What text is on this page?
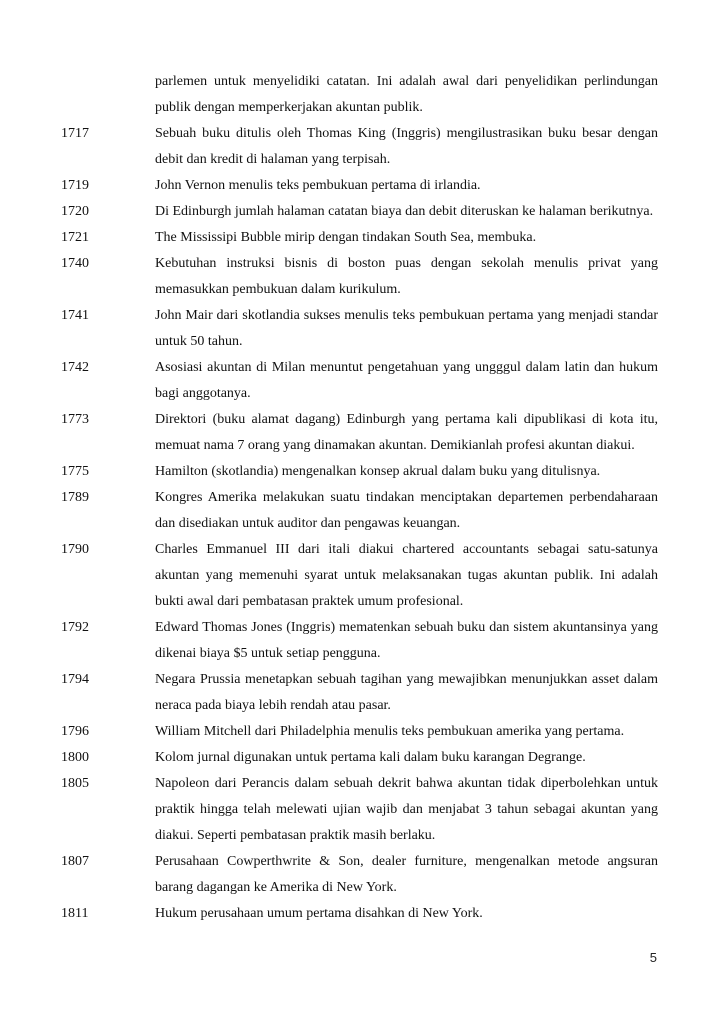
parlemen untuk menyelidiki catatan. Ini adalah awal dari penyelidikan perlindungan publik dengan memperkerjakan akuntan publik.
1717	Sebuah buku ditulis oleh Thomas King (Inggris) mengilustrasikan buku besar dengan debit dan kredit di halaman yang terpisah.
1719	John Vernon menulis teks pembukuan pertama di irlandia.
1720	Di Edinburgh jumlah halaman catatan biaya dan debit diteruskan ke halaman berikutnya.
1721	The Mississipi Bubble mirip dengan tindakan South Sea, membuka.
1740	Kebutuhan instruksi bisnis di boston puas dengan sekolah menulis privat yang memasukkan pembukuan dalam kurikulum.
1741	John Mair dari skotlandia sukses menulis teks pembukuan pertama yang menjadi standar untuk 50 tahun.
1742	Asosiasi akuntan di Milan menuntut pengetahuan yang ungggul dalam latin dan hukum bagi anggotanya.
1773	Direktori (buku alamat dagang) Edinburgh yang pertama kali dipublikasi di kota itu, memuat nama 7 orang yang dinamakan akuntan. Demikianlah profesi akuntan diakui.
1775	Hamilton (skotlandia) mengenalkan konsep akrual dalam buku yang ditulisnya.
1789	Kongres Amerika melakukan suatu tindakan menciptakan departemen perbendaharaan dan disediakan untuk auditor dan pengawas keuangan.
1790	Charles Emmanuel III dari itali diakui chartered accountants sebagai satu-satunya akuntan yang memenuhi syarat untuk melaksanakan tugas akuntan publik. Ini adalah bukti awal dari pembatasan praktek umum profesional.
1792	Edward Thomas Jones (Inggris) mematenkan sebuah buku dan sistem akuntansinya yang dikenai biaya $5 untuk setiap pengguna.
1794	Negara Prussia menetapkan sebuah tagihan yang mewajibkan menunjukkan asset dalam neraca pada biaya lebih rendah atau pasar.
1796	William Mitchell dari Philadelphia menulis teks pembukuan amerika yang pertama.
1800	Kolom jurnal digunakan untuk pertama kali dalam buku karangan Degrange.
1805	Napoleon dari Perancis dalam sebuah dekrit bahwa akuntan tidak diperbolehkan untuk praktik hingga telah melewati ujian wajib dan menjabat 3 tahun sebagai akuntan yang diakui. Seperti pembatasan praktik masih berlaku.
1807	Perusahaan Cowperthwrite & Son, dealer furniture, mengenalkan metode angsuran barang dagangan ke Amerika di New York.
1811	Hukum perusahaan umum pertama disahkan di New York.
5
